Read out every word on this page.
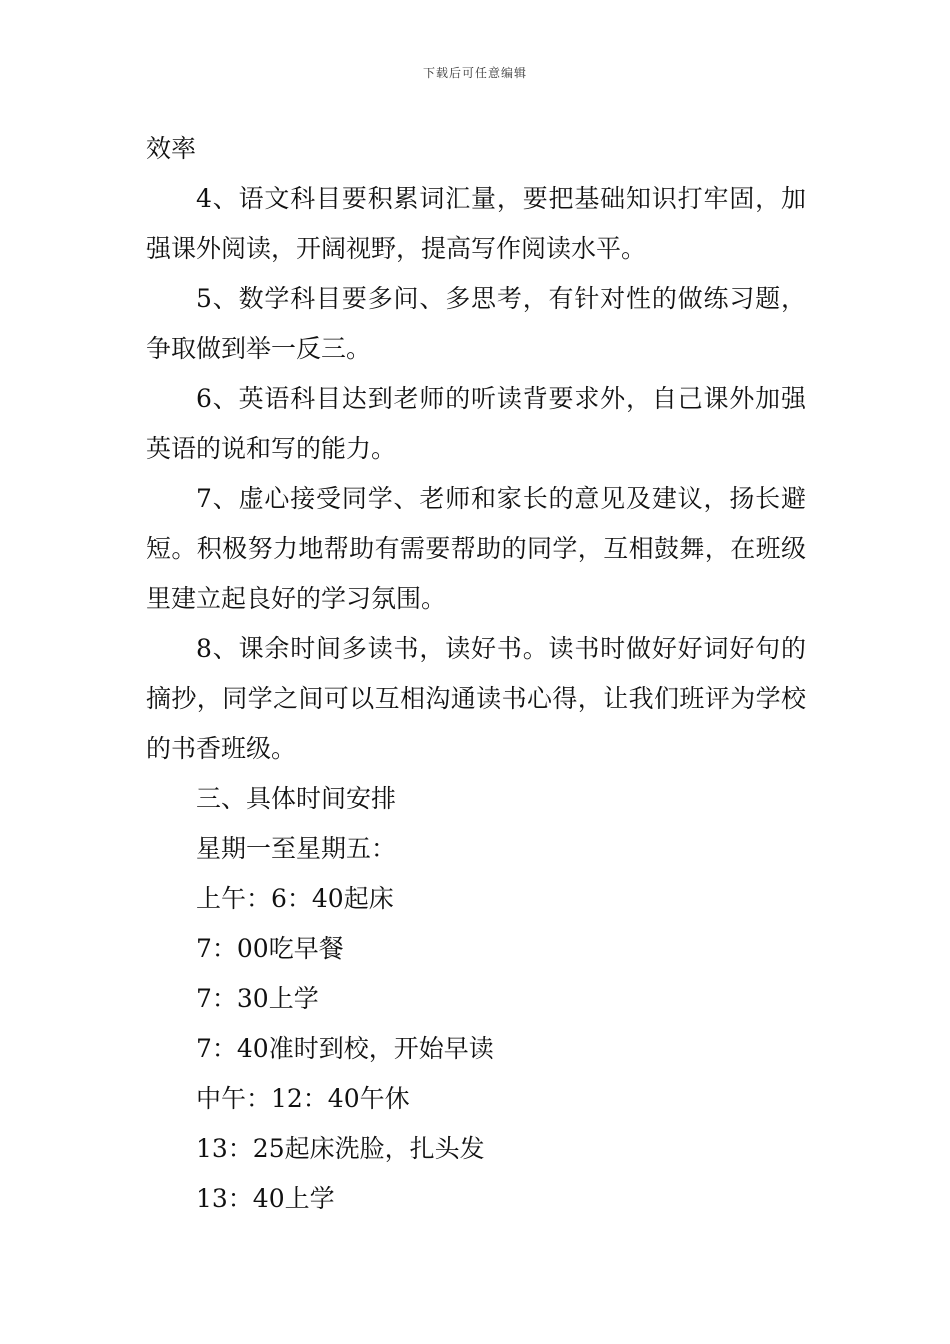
下载后可任意编辑

效率

4、语文科目要积累词汇量，要把基础知识打牢固，加强课外阅读，开阔视野，提高写作阅读水平。

5、数学科目要多问、多思考，有针对性的做练习题，争取做到举一反三。

6、英语科目达到老师的听读背要求外，自己课外加强英语的说和写的能力。

7、虚心接受同学、老师和家长的意见及建议，扬长避短。积极努力地帮助有需要帮助的同学，互相鼓舞，在班级里建立起良好的学习氛围。

8、课余时间多读书，读好书。读书时做好好词好句的摘抄，同学之间可以互相沟通读书心得，让我们班评为学校的书香班级。

三、具体时间安排

星期一至星期五：

上午：6：40起床

7：00吃早餐

7：30上学

7：40准时到校，开始早读

中午：12：40午休

13：25起床洗脸，扎头发

13：40上学
